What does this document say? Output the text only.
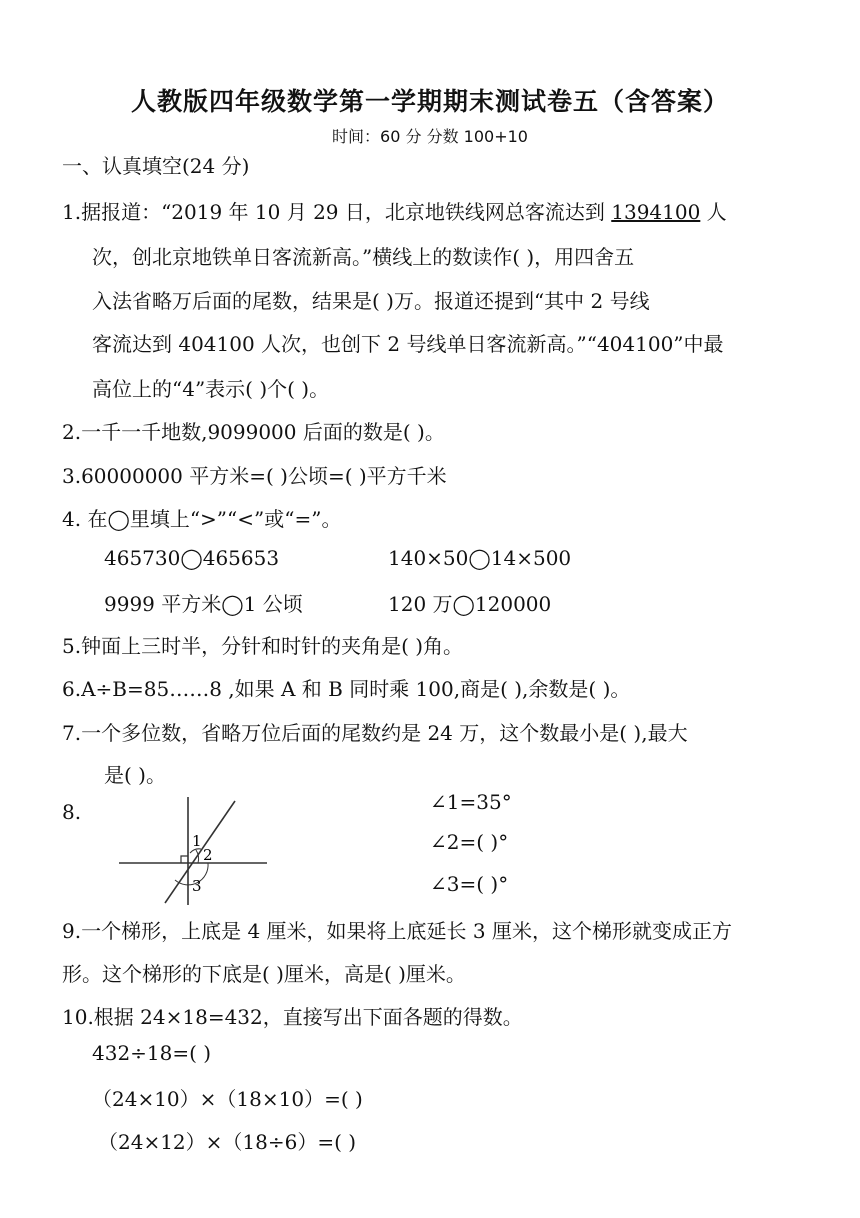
人教版四年级数学第一学期期末测试卷五（含答案）
时间：60 分 分数 100+10
一、认真填空(24 分)
1.据报道：“2019 年 10 月 29 日，北京地铁线网总客流达到 1394100 人
次，创北京地铁单日客流新高。”横线上的数读作( )，用四舍五
入法省略万后面的尾数，结果是( )万。报道还提到“其中 2 号线
客流达到 404100 人次，也创下 2 号线单日客流新高。”“404100”中最
高位上的“4”表示( )个( )。
2.一千一千地数,9099000 后面的数是( )。
3.60000000 平方米=( )公顷=( )平方千米
4. 在◯里填上“>”“<”或“=”。
465730◯465653	140×50◯14×500
9999 平方米◯1 公顷	120 万◯120000
5.钟面上三时半，分针和时针的夹角是( )角。
6.A÷B=85……8 ,如果 A 和 B 同时乘 100,商是( ),余数是( )。
7.一个多位数，省略万位后面的尾数约是 24 万，这个数最小是( ),最大
是( )。
8.
1
2
3
∠1=35°
∠2=( )°
∠3=( )°
9.一个梯形，上底是 4 厘米，如果将上底延长 3 厘米，这个梯形就变成正方
形。这个梯形的下底是( )厘米，高是( )厘米。
10.根据 24×18=432，直接写出下面各题的得数。
432÷18=( )
（24×10）×（18×10）=( )
（24×12）×（18÷6）=( )
